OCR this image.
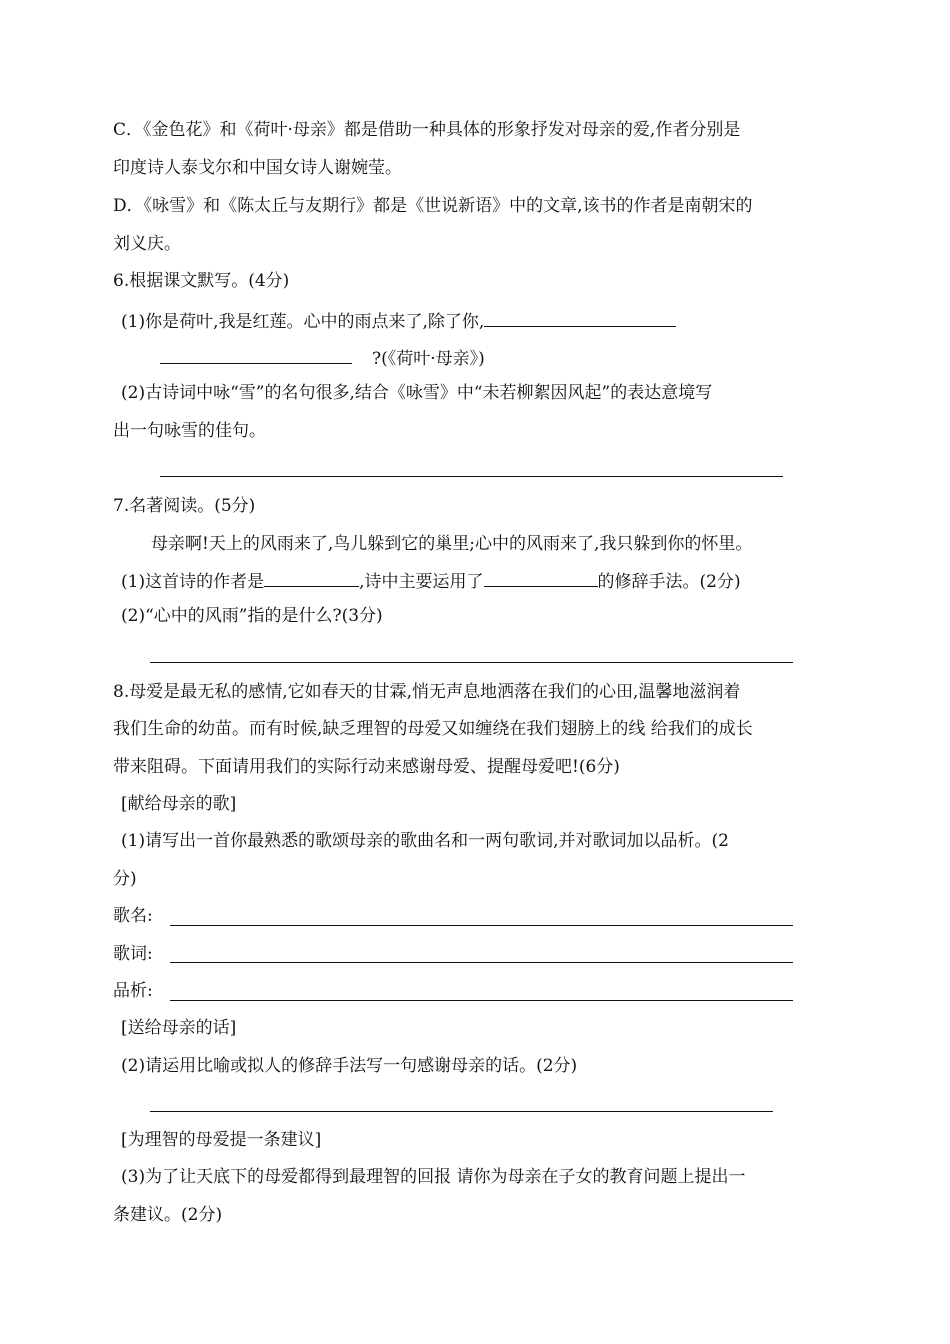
C．《金色花》和《荷叶·母亲》都是借助一种具体的形象抒发对母亲的爱,作者分别是
印度诗人泰戈尔和中国女诗人谢婉莹。
D．《咏雪》和《陈太丘与友期行》都是《世说新语》中的文章,该书的作者是南朝宋的
刘义庆。
6.根据课文默写。(4分)
(1)你是荷叶,我是红莲。心中的雨点来了,除了你,
?(《荷叶·母亲》)
(2)古诗词中咏“雪”的名句很多,结合《咏雪》中“未若柳絮因风起”的表达意境写
出一句咏雪的佳句。
7.名著阅读。(5分)
母亲啊!天上的风雨来了,鸟儿躲到它的巢里;心中的风雨来了,我只躲到你的怀里。
(1)这首诗的作者是	,诗中主要运用了	的修辞手法。(2分)
(2)“心中的风雨”指的是什么?(3分)
8.母爱是最无私的感情,它如春天的甘霖,悄无声息地洒落在我们的心田,温馨地滋润着
我们生命的幼苗。而有时候,缺乏理智的母爱又如缠绕在我们翅膀上的线 给我们的成长
带来阻碍。下面请用我们的实际行动来感谢母爱、提醒母爱吧!(6分)
[献给母亲的歌]
(1)请写出一首你最熟悉的歌颂母亲的歌曲名和一两句歌词,并对歌词加以品析。(2
分)
歌名:
歌词:
品析:
[送给母亲的话]
(2)请运用比喻或拟人的修辞手法写一句感谢母亲的话。(2分)
[为理智的母爱提一条建议]
(3)为了让天底下的母爱都得到最理智的回报 请你为母亲在子女的教育问题上提出一
条建议。(2分)
